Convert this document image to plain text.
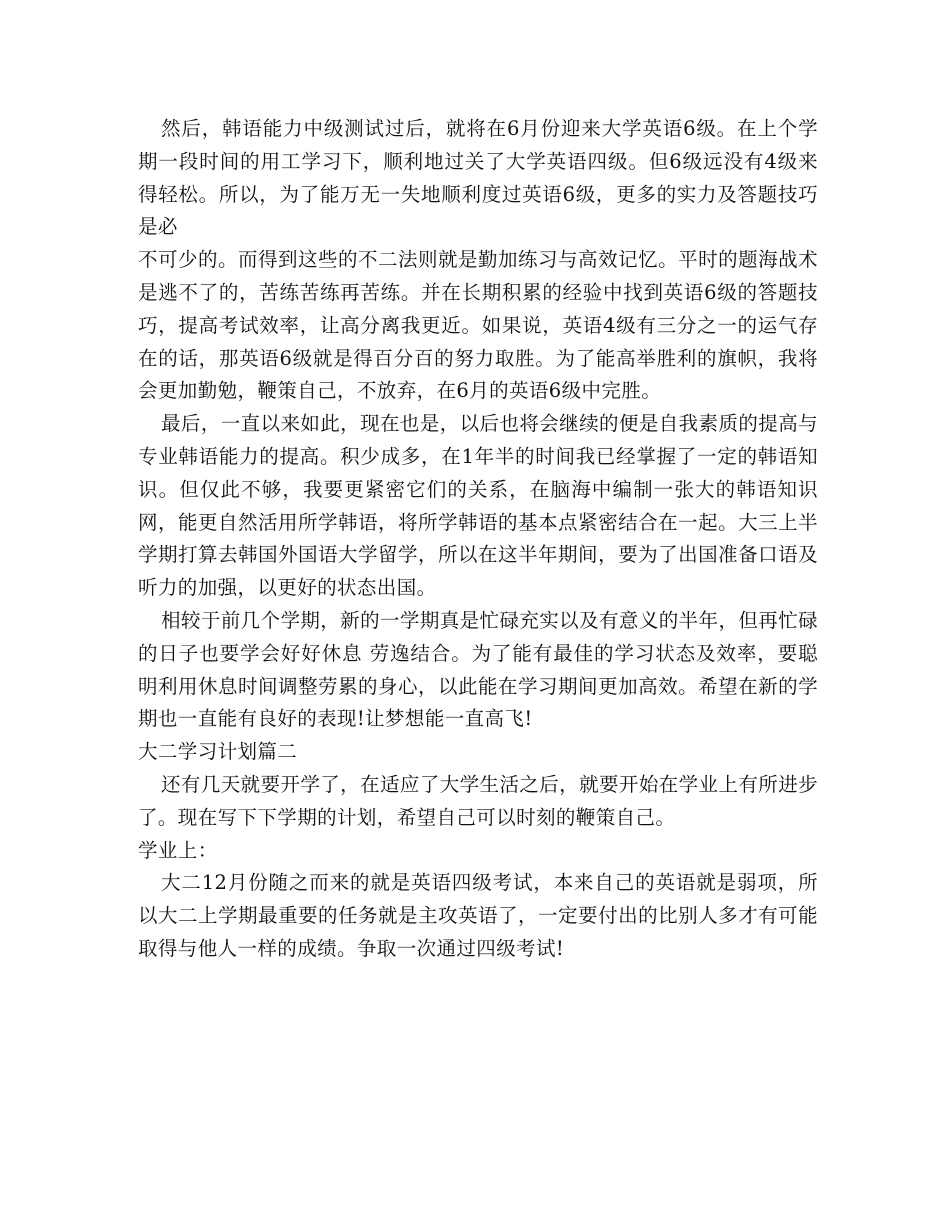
然后，韩语能力中级测试过后，就将在6月份迎来大学英语6级。在上个学期一段时间的用工学习下，顺利地过关了大学英语四级。但6级远没有4级来得轻松。所以，为了能万无一失地顺利度过英语6级，更多的实力及答题技巧是必

不可少的。而得到这些的不二法则就是勤加练习与高效记忆。平时的题海战术是逃不了的，苦练苦练再苦练。并在长期积累的经验中找到英语6级的答题技巧，提高考试效率，让高分离我更近。如果说，英语4级有三分之一的运气存在的话，那英语6级就是得百分百的努力取胜。为了能高举胜利的旗帜，我将会更加勤勉，鞭策自己，不放弃，在6月的英语6级中完胜。

最后，一直以来如此，现在也是，以后也将会继续的便是自我素质的提高与专业韩语能力的提高。积少成多，在1年半的时间我已经掌握了一定的韩语知识。但仅此不够，我要更紧密它们的关系，在脑海中编制一张大的韩语知识网，能更自然活用所学韩语，将所学韩语的基本点紧密结合在一起。大三上半学期打算去韩国外国语大学留学，所以在这半年期间，要为了出国准备口语及听力的加强，以更好的状态出国。

相较于前几个学期，新的一学期真是忙碌充实以及有意义的半年，但再忙碌的日子也要学会好好休息 劳逸结合。为了能有最佳的学习状态及效率，要聪明利用休息时间调整劳累的身心，以此能在学习期间更加高效。希望在新的学期也一直能有良好的表现!让梦想能一直高飞!

大二学习计划篇二

还有几天就要开学了，在适应了大学生活之后，就要开始在学业上有所进步了。现在写下下学期的计划，希望自己可以时刻的鞭策自己。

学业上：

大二12月份随之而来的就是英语四级考试，本来自己的英语就是弱项，所以大二上学期最重要的任务就是主攻英语了，一定要付出的比别人多才有可能取得与他人一样的成绩。争取一次通过四级考试!
